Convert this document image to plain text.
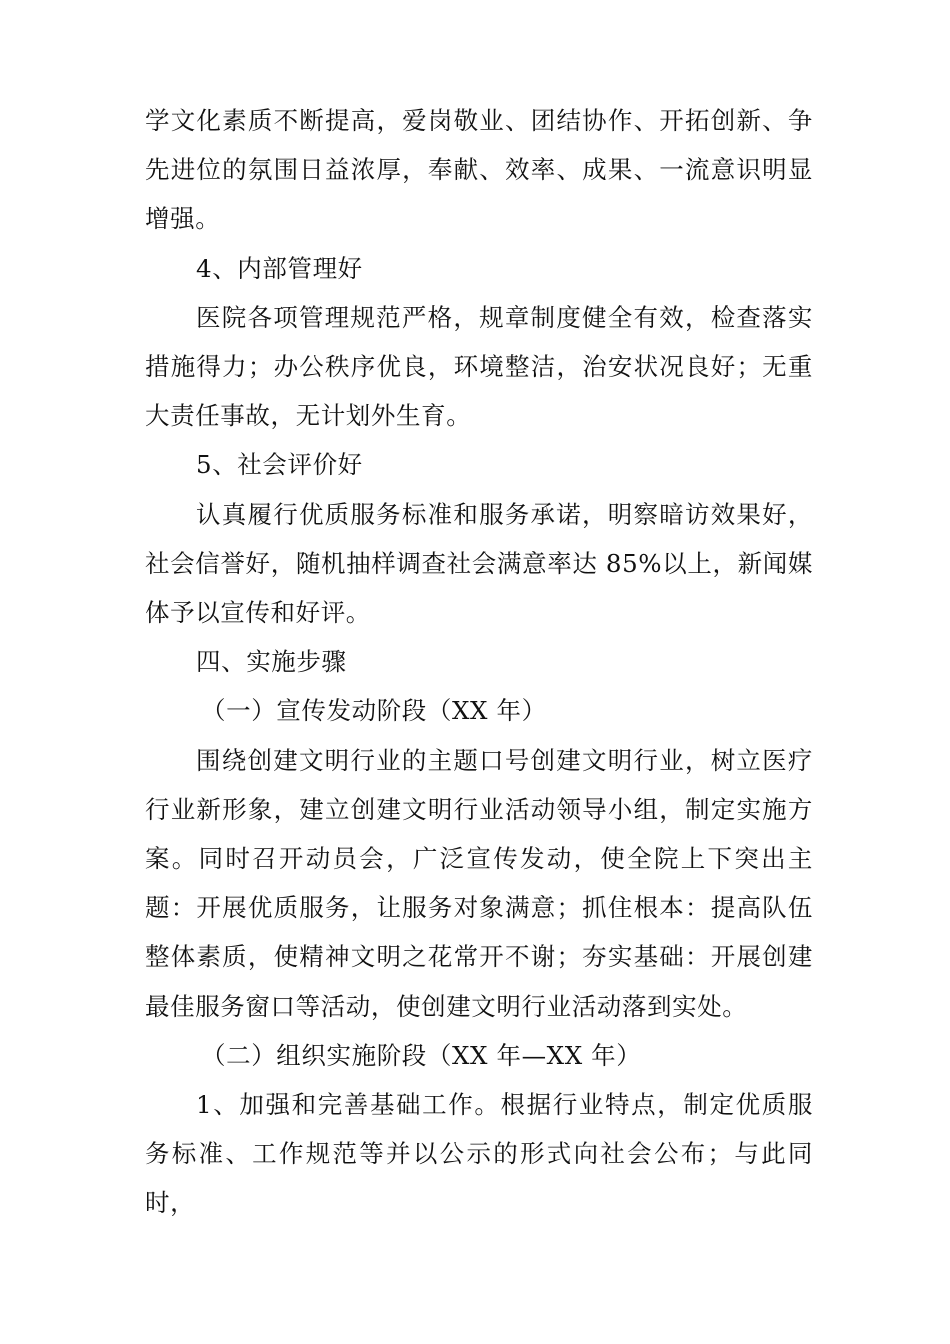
学文化素质不断提高，爱岗敬业、团结协作、开拓创新、争先进位的氛围日益浓厚，奉献、效率、成果、一流意识明显增强。

4、内部管理好

医院各项管理规范严格，规章制度健全有效，检查落实措施得力；办公秩序优良，环境整洁，治安状况良好；无重大责任事故，无计划外生育。

5、社会评价好

认真履行优质服务标准和服务承诺，明察暗访效果好，社会信誉好，随机抽样调查社会满意率达 85%以上，新闻媒体予以宣传和好评。

四、实施步骤

（一）宣传发动阶段（XX 年）

围绕创建文明行业的主题口号创建文明行业，树立医疗行业新形象，建立创建文明行业活动领导小组，制定实施方案。同时召开动员会，广泛宣传发动，使全院上下突出主题：开展优质服务，让服务对象满意；抓住根本：提高队伍整体素质，使精神文明之花常开不谢；夯实基础：开展创建最佳服务窗口等活动，使创建文明行业活动落到实处。

（二）组织实施阶段（XX 年—XX 年）

1、加强和完善基础工作。根据行业特点，制定优质服务标准、工作规范等并以公示的形式向社会公布；与此同时，
